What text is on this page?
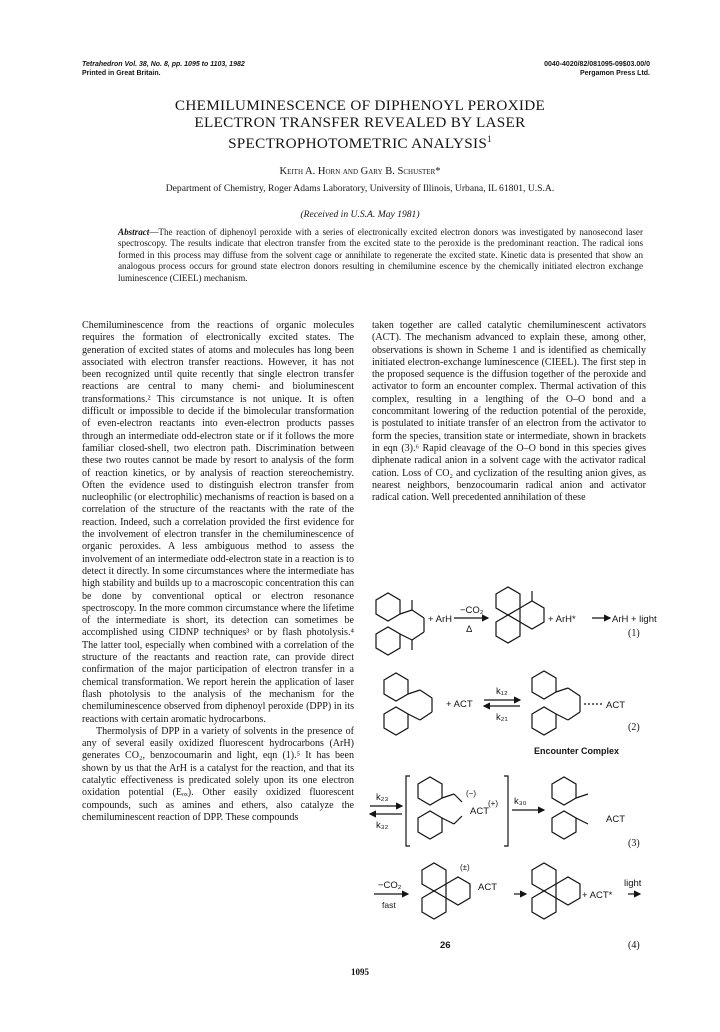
Tetrahedron Vol. 38, No. 8, pp. 1095 to 1103, 1982
Printed in Great Britain.
0040-4020/82/081095-09$03.00/0
Pergamon Press Ltd.
CHEMILUMINESCENCE OF DIPHENOYL PEROXIDE
ELECTRON TRANSFER REVEALED BY LASER
SPECTROPHOTOMETRIC ANALYSIS$^1$
Keith A. Horn and Gary B. Schuster*
Department of Chemistry, Roger Adams Laboratory, University of Illinois, Urbana, IL 61801, U.S.A.
(Received in U.S.A. May 1981)
Abstract—The reaction of diphenoyl peroxide with a series of electronically excited electron donors was investigated by nanosecond laser spectroscopy. The results indicate that electron transfer from the excited state to the peroxide is the predominant reaction. The radical ions formed in this process may diffuse from the solvent cage or annihilate to regenerate the excited state. Kinetic data is presented that show an analogous process occurs for ground state electron donors resulting in chemilumine escence by the chemically initiated electron exchange luminescence (CIEEL) mechanism.

Chemiluminescence from the reactions of organic molecules requires the formation of electronically excited states. The generation of excited states of atoms and molecules has long been associated with electron transfer reactions. However, it has not been recognized until quite recently that single electron transfer reactions are central to many chemi- and bioluminescent transformations.² This circumstance is not unique. It is often difficult or impossible to decide if the bimolecular transformation of even-electron reactants into even-electron products passes through an intermediate odd-electron state or if it follows the more familiar closed-shell, two electron path. Discrimination between these two routes cannot be made by resort to analysis of the form of reaction kinetics, or by analysis of reaction stereochemistry. Often the evidence used to distinguish electron transfer from nucleophilic (or electrophilic) mechanisms of reaction is based on a correlation of the structure of the reactants with the rate of the reaction. Indeed, such a correlation provided the first evidence for the involvement of electron transfer in the chemiluminescence of organic peroxides. A less ambiguous method to assess the involvement of an intermediate odd-electron state in a reaction is to detect it directly. In some circumstances where the intermediate has high stability and builds up to a macroscopic concentration this can be done by conventional optical or electron resonance spectroscopy. In the more common circumstance where the lifetime of the intermediate is short, its detection can sometimes be accomplished using CIDNP techniques³ or by flash photolysis.⁴ The latter tool, especially when combined with a correlation of the structure of the reactants and reaction rate, can provide direct confirmation of the major participation of electron transfer in a chemical transformation. We report herein the application of laser flash photolysis to the analysis of the mechanism for the chemiluminescence observed from diphenoyl peroxide (DPP) in its reactions with certain aromatic hydrocarbons.

Thermolysis of DPP in a variety of solvents in the presence of any of several easily oxidized fluorescent hydrocarbons (ArH) generates CO₂, benzocoumarin and light, eqn (1).⁵ It has been shown by us that the ArH is a catalyst for the reaction, and that its catalytic effectiveness is predicated solely upon its one electron oxidation potential (Eₒₓ). Other easily oxidized fluorescent compounds, such as amines and ethers, also catalyze the chemiluminescent reaction of DPP. These compounds

taken together are called catalytic chemiluminescent activators (ACT). The mechanism advanced to explain these, among other, observations is shown in Scheme 1 and is identified as chemically initiated electron-exchange luminescence (CIEEL). The first step in the proposed sequence is the diffusion together of the peroxide and activator to form an encounter complex. Thermal activation of this complex, resulting in a lengthing of the O–O bond and a concommitant lowering of the reduction potential of the peroxide, is postulated to initiate transfer of an electron from the activator to form the species, transition state or intermediate, shown in brackets in eqn (3).⁶ Rapid cleavage of the O–O bond in this species gives diphenate radical anion in a solvent cage with the activator radical cation. Loss of CO₂ and cyclization of the resulting anion gives, as nearest neighbors, benzocoumarin radical anion and activator radical cation. Well precedented annihilation of these

+ ArH
−CO₂
Δ
+ ArH*	ArH + light
+ ACT
k₁₂
k₂₁
ACT
Encounter Complex
k₂₃
k₃₂
(−)
ACT
(+) k₃₀
ACT
−CO₂
fast
(±)
ACT
+ ACT*
light
26
(1)
(2)
(3)
(4)
1095
